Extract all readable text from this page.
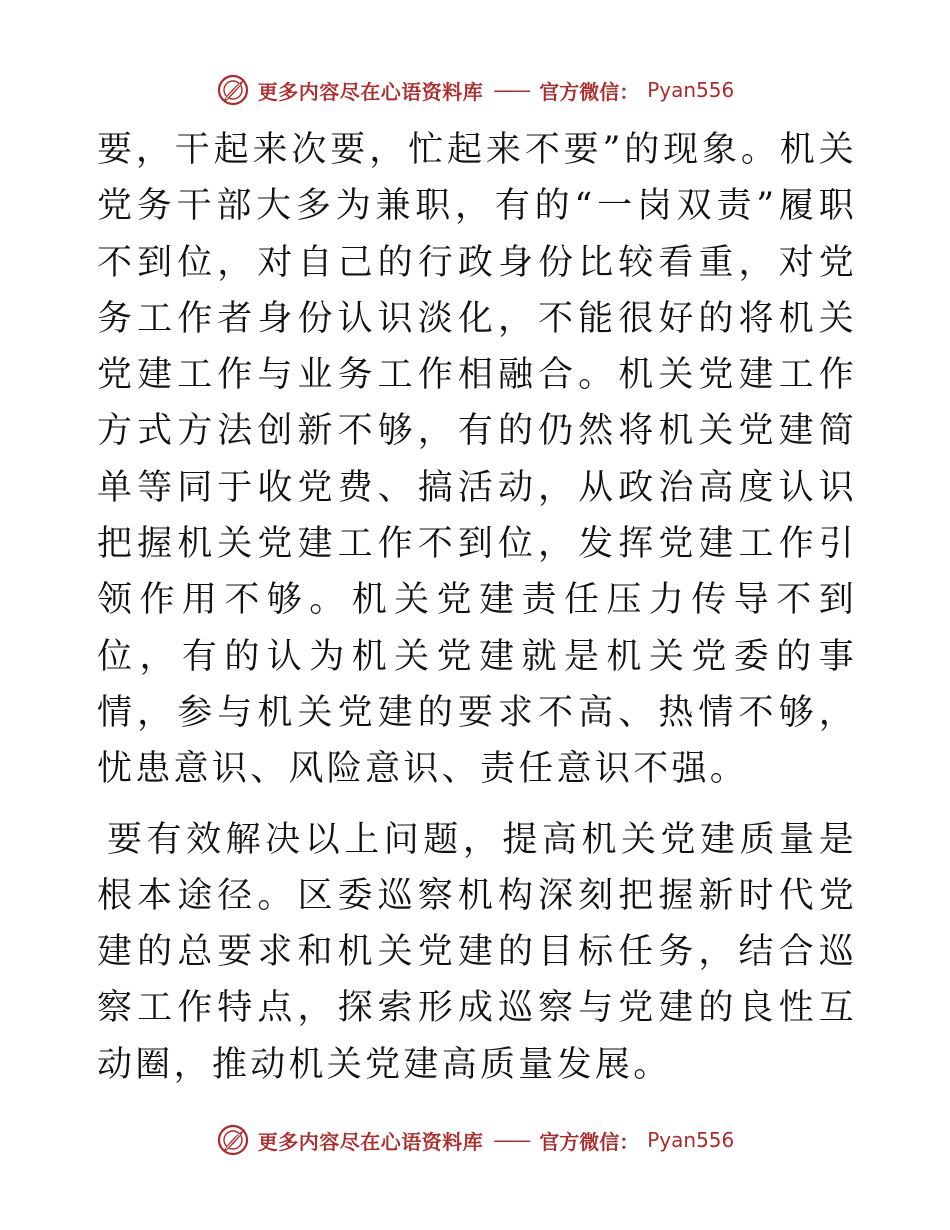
更多内容尽在心语资料库 —— 官方微信： Pyan556

要，干起来次要，忙起来不要”的现象。机关党务干部大多为兼职，有的“一岗双责”履职不到位，对自己的行政身份比较看重，对党务工作者身份认识淡化，不能很好的将机关党建工作与业务工作相融合。机关党建工作方式方法创新不够，有的仍然将机关党建简单等同于收党费、搞活动，从政治高度认识把握机关党建工作不到位，发挥党建工作引领作用不够。机关党建责任压力传导不到位，有的认为机关党建就是机关党委的事情，参与机关党建的要求不高、热情不够，忧患意识、风险意识、责任意识不强。

要有效解决以上问题，提高机关党建质量是根本途径。区委巡察机构深刻把握新时代党建的总要求和机关党建的目标任务，结合巡察工作特点，探索形成巡察与党建的良性互动圈，推动机关党建高质量发展。

更多内容尽在心语资料库 —— 官方微信： Pyan556
